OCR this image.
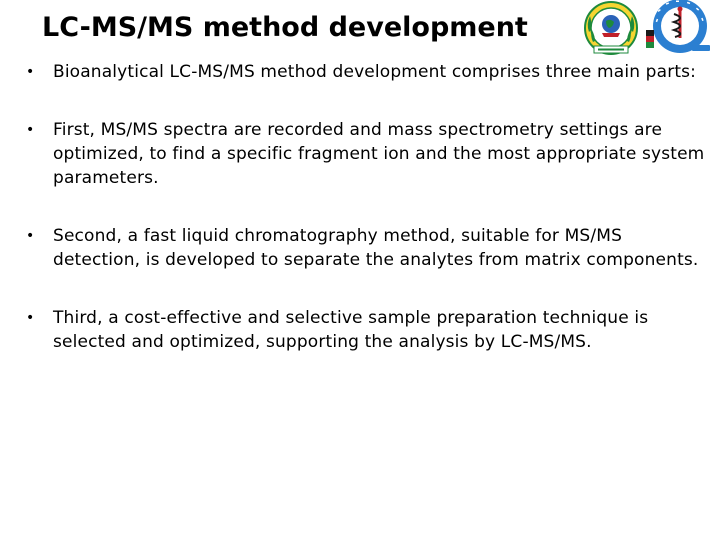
LC-MS/MS method development
• Bioanalytical LC-MS/MS method development comprises three main parts:
• First, MS/MS spectra are recorded and mass spectrometry settings are optimized, to find a specific fragment ion and the most appropriate system parameters.
• Second, a fast liquid chromatography method, suitable for MS/MS detection, is developed to separate the analytes from matrix components.
• Third, a cost-effective and selective sample preparation technique is selected and optimized, supporting the analysis by LC-MS/MS.
